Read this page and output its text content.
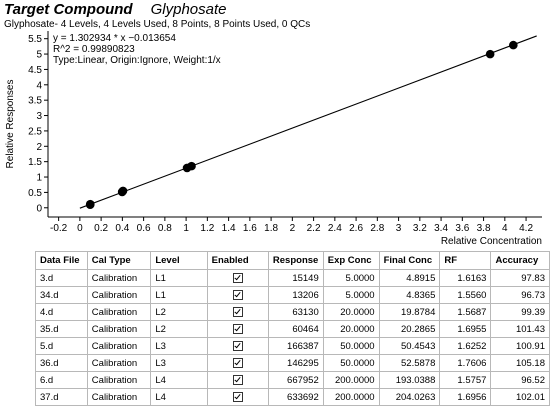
Target Compound Glyphosate
Glyphosate- 4 Levels, 4 Levels Used, 8 Points, 8 Points Used, 0 QCs
0
0.5
1
1.5
2
2.5
3
3.5
4
4.5
5
5.5
-0.2 0 0.2 0.4 0.6 0.8 1 1.2 1.4 1.6 1.8 2 2.2 2.4 2.6 2.8 3 3.2 3.4 3.6 3.8 4 4.2
Relative Concentration
Relative Responses
y = 1.302934 * x −0.013654
R^2 = 0.99890823
Type:Linear, Origin:Ignore, Weight:1/x
Data File	Cal Type	Level	Enabled	Response	Exp Conc	Final Conc	RF	Accuracy
3.d	Calibration	L1		15149	5.0000	4.8915	1.6163	97.83
34.d	Calibration	L1		13206	5.0000	4.8365	1.5560	96.73
4.d	Calibration	L2		63130	20.0000	19.8784	1.5687	99.39
35.d	Calibration	L2		60464	20.0000	20.2865	1.6955	101.43
5.d	Calibration	L3		166387	50.0000	50.4543	1.6252	100.91
36.d	Calibration	L3		146295	50.0000	52.5878	1.7606	105.18
6.d	Calibration	L4		667952	200.0000	193.0388	1.5757	96.52
37.d	Calibration	L4		633692	200.0000	204.0263	1.6956	102.01
